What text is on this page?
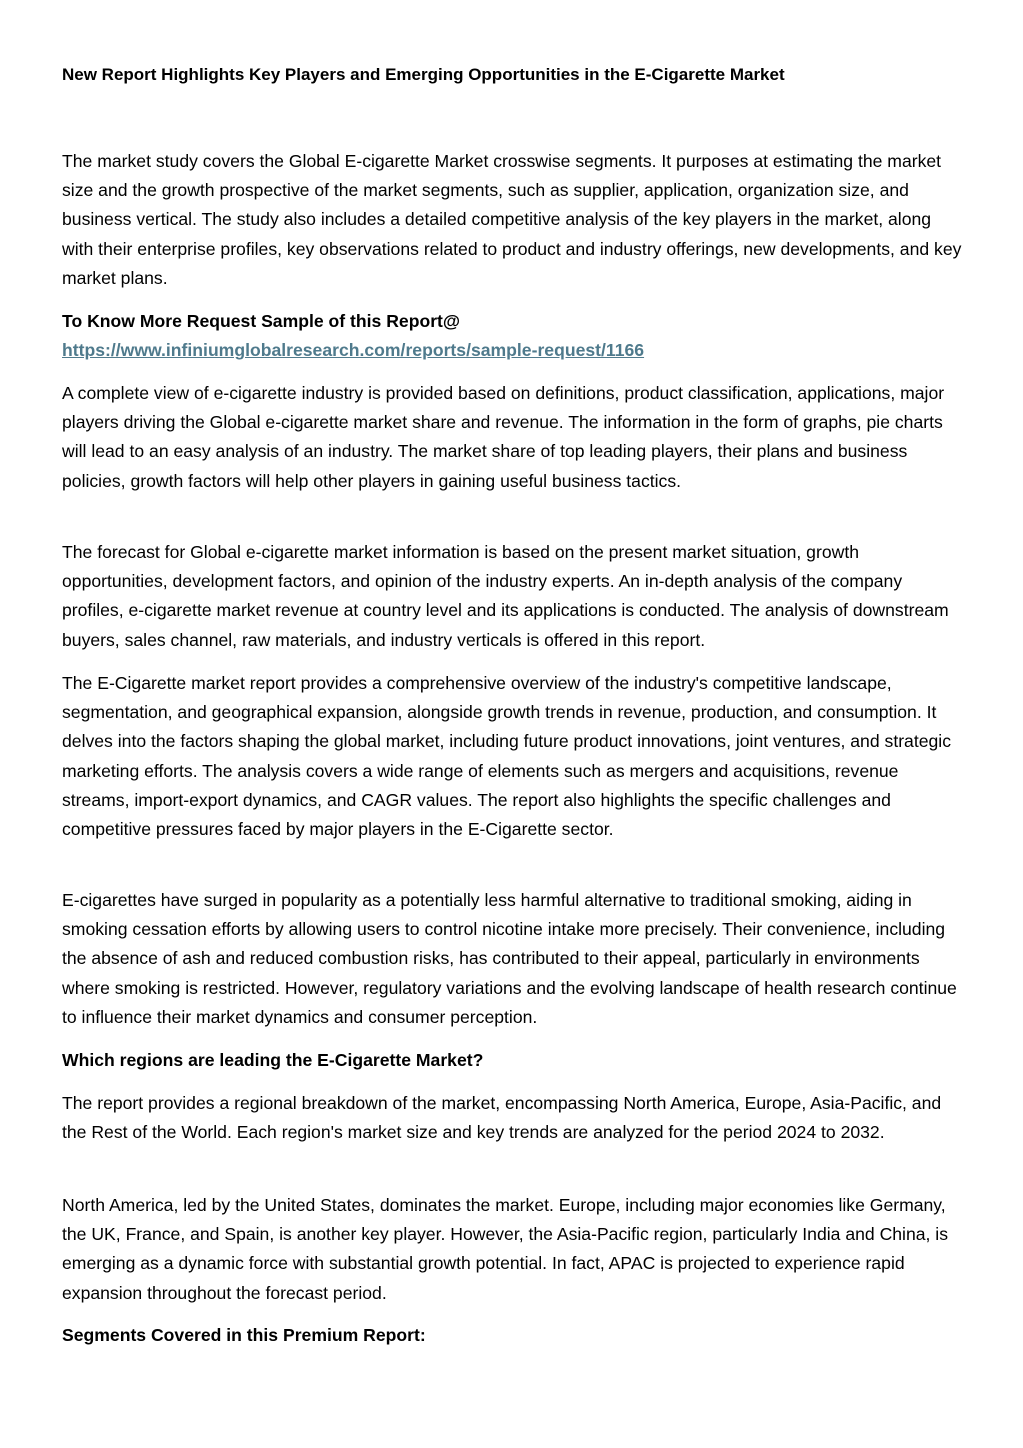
New Report Highlights Key Players and Emerging Opportunities in the E-Cigarette Market

The market study covers the Global E-cigarette Market crosswise segments. It purposes at estimating the market size and the growth prospective of the market segments, such as supplier, application, organization size, and business vertical. The study also includes a detailed competitive analysis of the key players in the market, along with their enterprise profiles, key observations related to product and industry offerings, new developments, and key market plans.

To Know More Request Sample of this Report@
https://www.infiniumglobalresearch.com/reports/sample-request/1166

A complete view of e-cigarette industry is provided based on definitions, product classification, applications, major players driving the Global e-cigarette market share and revenue. The information in the form of graphs, pie charts will lead to an easy analysis of an industry. The market share of top leading players, their plans and business policies, growth factors will help other players in gaining useful business tactics.

The forecast for Global e-cigarette market information is based on the present market situation, growth opportunities, development factors, and opinion of the industry experts. An in-depth analysis of the company profiles, e-cigarette market revenue at country level and its applications is conducted. The analysis of downstream buyers, sales channel, raw materials, and industry verticals is offered in this report.

The E-Cigarette market report provides a comprehensive overview of the industry's competitive landscape, segmentation, and geographical expansion, alongside growth trends in revenue, production, and consumption. It delves into the factors shaping the global market, including future product innovations, joint ventures, and strategic marketing efforts. The analysis covers a wide range of elements such as mergers and acquisitions, revenue streams, import-export dynamics, and CAGR values. The report also highlights the specific challenges and competitive pressures faced by major players in the E-Cigarette sector.

E-cigarettes have surged in popularity as a potentially less harmful alternative to traditional smoking, aiding in smoking cessation efforts by allowing users to control nicotine intake more precisely. Their convenience, including the absence of ash and reduced combustion risks, has contributed to their appeal, particularly in environments where smoking is restricted. However, regulatory variations and the evolving landscape of health research continue to influence their market dynamics and consumer perception.

Which regions are leading the E-Cigarette Market?

The report provides a regional breakdown of the market, encompassing North America, Europe, Asia-Pacific, and the Rest of the World. Each region's market size and key trends are analyzed for the period 2024 to 2032.

North America, led by the United States, dominates the market. Europe, including major economies like Germany, the UK, France, and Spain, is another key player. However, the Asia-Pacific region, particularly India and China, is emerging as a dynamic force with substantial growth potential. In fact, APAC is projected to experience rapid expansion throughout the forecast period.

Segments Covered in this Premium Report:
